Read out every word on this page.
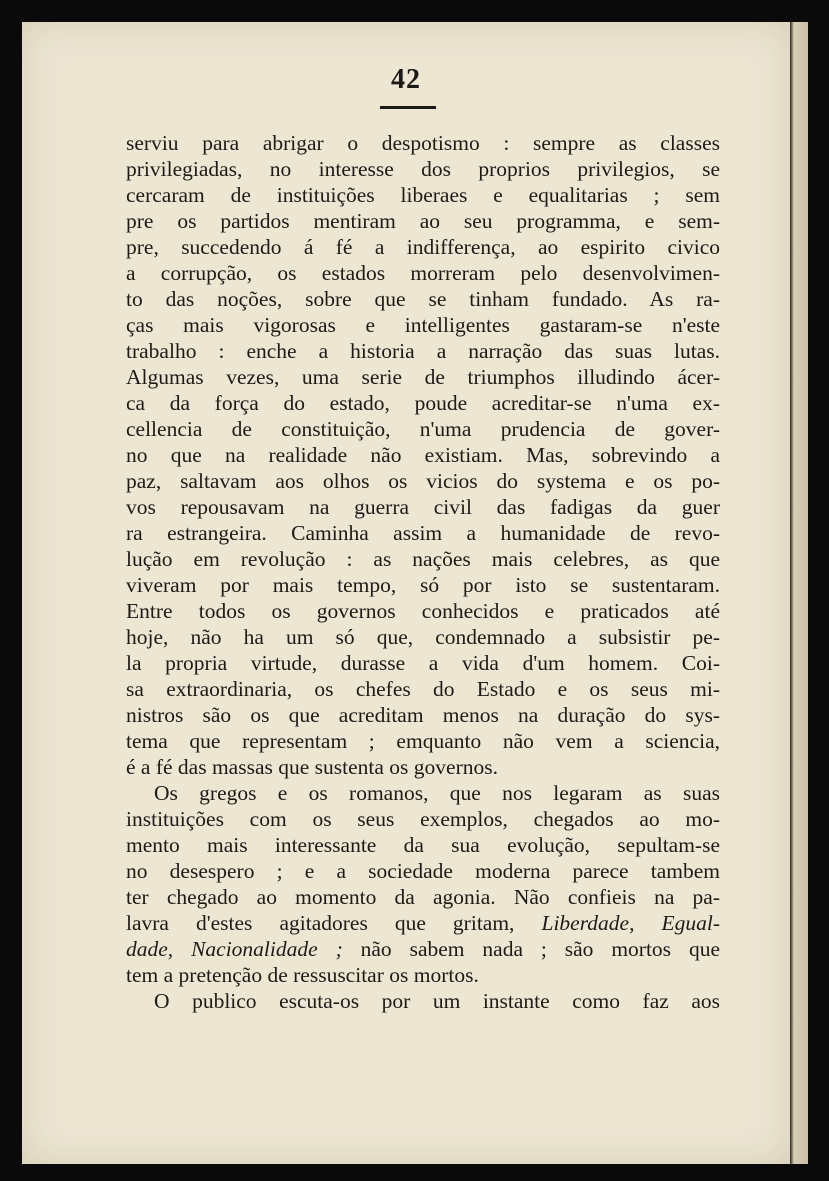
42
serviu para abrigar o despotismo : sempre as classes
privilegiadas, no interesse dos proprios privilegios, se
cercaram de instituições liberaes e equalitarias ; sem
pre os partidos mentiram ao seu programma, e sem-
pre, succedendo á fé a indifferença, ao espirito civico
a corrupção, os estados morreram pelo desenvolvimen-
to das noções, sobre que se tinham fundado. As ra-
ças mais vigorosas e intelligentes gastaram-se n'este
trabalho : enche a historia a narração das suas lutas.
Algumas vezes, uma serie de triumphos illudindo ácer-
ca da força do estado, poude acreditar-se n'uma ex-
cellencia de constituição, n'uma prudencia de gover-
no que na realidade não existiam. Mas, sobrevindo a
paz, saltavam aos olhos os vicios do systema e os po-
vos repousavam na guerra civil das fadigas da guer
ra estrangeira. Caminha assim a humanidade de revo-
lução em revolução : as nações mais celebres, as que
viveram por mais tempo, só por isto se sustentaram.
Entre todos os governos conhecidos e praticados até
hoje, não ha um só que, condemnado a subsistir pe-
la propria virtude, durasse a vida d'um homem. Coi-
sa extraordinaria, os chefes do Estado e os seus mi-
nistros são os que acreditam menos na duração do sys-
tema que representam ; emquanto não vem a sciencia,
é a fé das massas que sustenta os governos.
Os gregos e os romanos, que nos legaram as suas
instituições com os seus exemplos, chegados ao mo-
mento mais interessante da sua evolução, sepultam-se
no desespero ; e a sociedade moderna parece tambem
ter chegado ao momento da agonia. Não confieis na pa-
lavra d'estes agitadores que gritam, Liberdade, Egual-
dade, Nacionalidade ; não sabem nada ; são mortos que
tem a pretenção de ressuscitar os mortos.
O publico escuta-os por um instante como faz aos
